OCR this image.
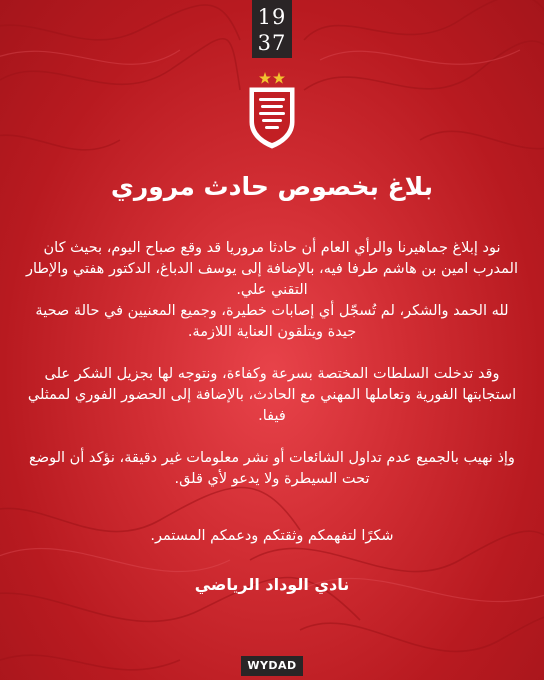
19
37
بلاغ بخصوص حادث مروري

نود إبلاغ جماهيرنا والرأي العام أن حادثا مروريا قد وقع صباح اليوم، بحيث كان المدرب امين بن هاشم طرفا فيه، بالإضافة إلى يوسف الدباغ، الدكتور هفتي والإطار التقني علي.

لله الحمد والشكر، لم تُسجّل أي إصابات خطيرة، وجميع المعنيين في حالة صحية جيدة ويتلقون العناية اللازمة.

وقد تدخلت السلطات المختصة بسرعة وكفاءة، ونتوجه لها بجزيل الشكر على استجابتها الفورية وتعاملها المهني مع الحادث، بالإضافة إلى الحضور الفوري لممثلي فيفا.

وإذ نهيب بالجميع عدم تداول الشائعات أو نشر معلومات غير دقيقة، نؤكد أن الوضع تحت السيطرة ولا يدعو لأي قلق.

شكرًا لتفهمكم وثقتكم ودعمكم المستمر.
نادي الوداد الرياضي
WYDAD
